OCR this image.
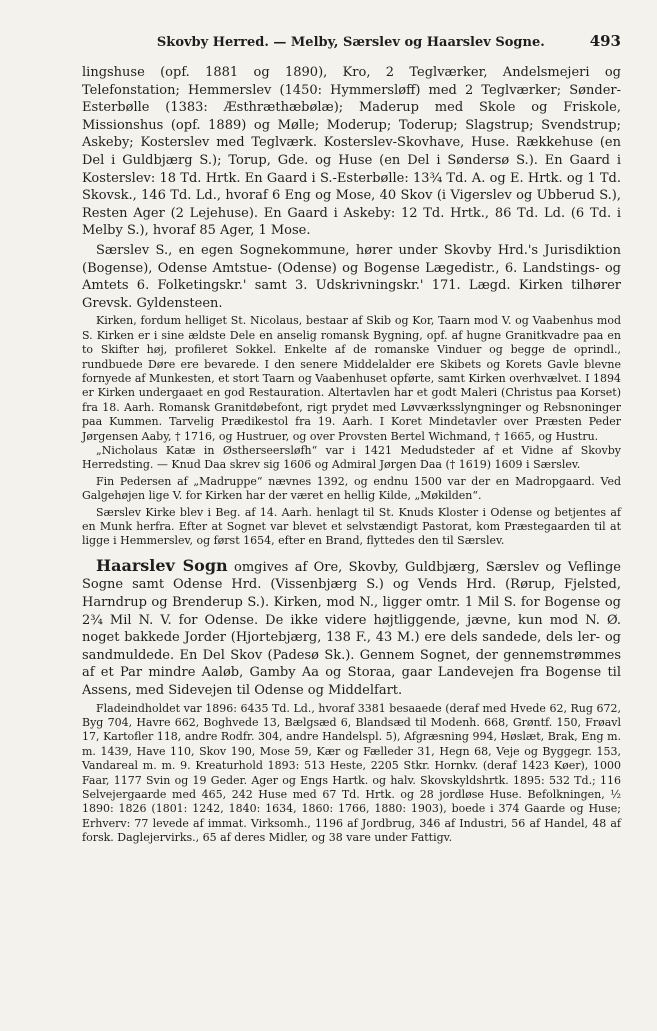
Skovby Herred. — Melby, Særslev og Haarslev Sogne.	493

lingshuse (opf. 1881 og 1890), Kro, 2 Teglværker, Andelsmejeri og Telefonstation; Hemmerslev (1450: Hymmersløff) med 2 Teglværker; Sønder-Esterbølle (1383: Æsthræthæbølæ); Maderup med Skole og Friskole, Missionshus (opf. 1889) og Mølle; Moderup; Toderup; Slagstrup; Svendstrup; Askeby; Kosterslev med Teglværk. Kosterslev-Skovhave, Huse. Rækkehuse (en Del i Guldbjærg S.); Torup, Gde. og Huse (en Del i Søndersø S.). En Gaard i Kosterslev: 18 Td. Hrtk. En Gaard i S.-Esterbølle: 13¾ Td. A. og E. Hrtk. og 1 Td. Skovsk., 146 Td. Ld., hvoraf 6 Eng og Mose, 40 Skov (i Vigerslev og Ubberud S.), Resten Ager (2 Lejehuse). En Gaard i Askeby: 12 Td. Hrtk., 86 Td. Ld. (6 Td. i Melby S.), hvoraf 85 Ager, 1 Mose.

Særslev S., en egen Sognekommune, hører under Skovby Hrd.'s Jurisdiktion (Bogense), Odense Amtstue- (Odense) og Bogense Lægedistr., 6. Landstings- og Amtets 6. Folketingskr.' samt 3. Udskrivningskr.' 171. Lægd. Kirken tilhører Grevsk. Gyldensteen.

Kirken, fordum helliget St. Nicolaus, bestaar af Skib og Kor, Taarn mod V. og Vaabenhus mod S. Kirken er i sine ældste Dele en anselig romansk Bygning, opf. af hugne Granitkvadre paa en to Skifter høj, profileret Sokkel. Enkelte af de romanske Vinduer og begge de oprindl., rundbuede Døre ere bevarede. I den senere Middelalder ere Skibets og Korets Gavle blevne fornyede af Munkesten, et stort Taarn og Vaabenhuset opførte, samt Kirken overhvælvet. I 1894 er Kirken undergaaet en god Restauration. Altertavlen har et godt Maleri (Christus paa Korset) fra 18. Aarh. Romansk Granitdøbefont, rigt prydet med Løvværksslyngninger og Rebsnoninger paa Kummen. Tarvelig Prædikestol fra 19. Aarh. I Koret Mindetavler over Præsten Peder Jørgensen Aaby, † 1716, og Hustruer, og over Provsten Bertel Wichmand, † 1665, og Hustru.

„Nicholaus Katæ in Østherseersløfh“ var i 1421 Medudsteder af et Vidne af Skovby Herredsting. — Knud Daa skrev sig 1606 og Admiral Jørgen Daa († 1619) 1609 i Særslev.

Fin Pedersen af „Madruppe“ nævnes 1392, og endnu 1500 var der en Madropgaard. Ved Galgehøjen lige V. for Kirken har der været en hellig Kilde, „Møkilden“.

Særslev Kirke blev i Beg. af 14. Aarh. henlagt til St. Knuds Kloster i Odense og betjentes af en Munk herfra. Efter at Sognet var blevet et selvstændigt Pastorat, kom Præstegaarden til at ligge i Hemmerslev, og først 1654, efter en Brand, flyttedes den til Særslev.

Haarslev Sogn omgives af Ore, Skovby, Guldbjærg, Særslev og Veflinge Sogne samt Odense Hrd. (Vissenbjærg S.) og Vends Hrd. (Rørup, Fjelsted, Harndrup og Brenderup S.). Kirken, mod N., ligger omtr. 1 Mil S. for Bogense og 2¾ Mil N. V. for Odense. De ikke videre højtliggende, jævne, kun mod N. Ø. noget bakkede Jorder (Hjortebjærg, 138 F., 43 M.) ere dels sandede, dels ler- og sandmuldede. En Del Skov (Padesø Sk.). Gennem Sognet, der gennemstrømmes af et Par mindre Aaløb, Gamby Aa og Storaa, gaar Landevejen fra Bogense til Assens, med Sidevejen til Odense og Middelfart.

Fladeindholdet var 1896: 6435 Td. Ld., hvoraf 3381 besaaede (deraf med Hvede 62, Rug 672, Byg 704, Havre 662, Boghvede 13, Bælgsæd 6, Blandsæd til Modenh. 668, Grøntf. 150, Frøavl 17, Kartofler 118, andre Rodfr. 304, andre Handelspl. 5), Afgræsning 994, Høslæt, Brak, Eng m. m. 1439, Have 110, Skov 190, Mose 59, Kær og Fælleder 31, Hegn 68, Veje og Byggegr. 153, Vandareal m. m. 9. Kreaturhold 1893: 513 Heste, 2205 Stkr. Hornkv. (deraf 1423 Køer), 1000 Faar, 1177 Svin og 19 Geder. Ager og Engs Hartk. og halv. Skovskyldshrtk. 1895: 532 Td.; 116 Selvejergaarde med 465, 242 Huse med 67 Td. Hrtk. og 28 jordløse Huse. Befolkningen, ½ 1890: 1826 (1801: 1242, 1840: 1634, 1860: 1766, 1880: 1903), boede i 374 Gaarde og Huse; Erhverv: 77 levede af immat. Virksomh., 1196 af Jordbrug, 346 af Industri, 56 af Handel, 48 af forsk. Daglejervirks., 65 af deres Midler, og 38 vare under Fattigv.
